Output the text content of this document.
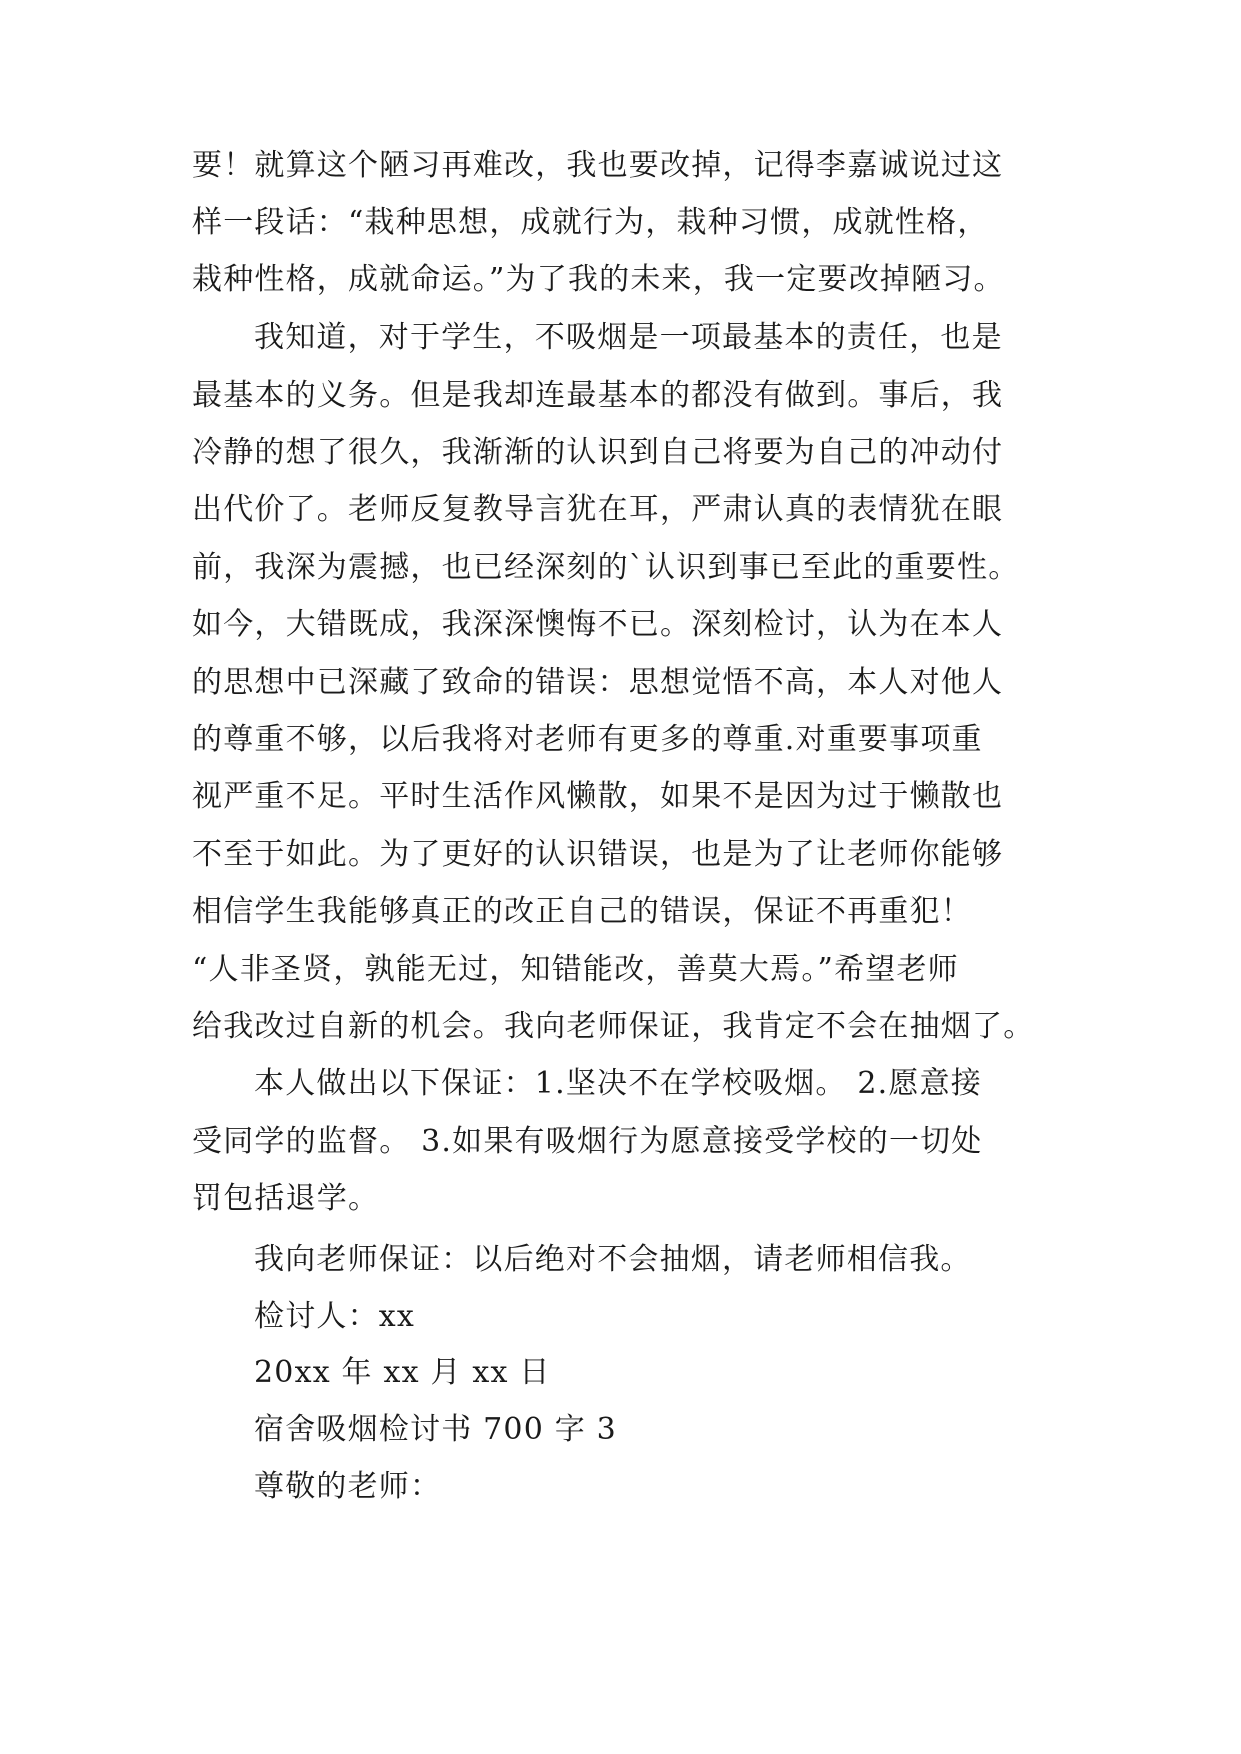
要！就算这个陋习再难改，我也要改掉，记得李嘉诚说过这
样一段话：“栽种思想，成就行为，栽种习惯，成就性格，
栽种性格，成就命运。”为了我的未来，我一定要改掉陋习。
我知道，对于学生，不吸烟是一项最基本的责任，也是
最基本的义务。但是我却连最基本的都没有做到。事后，我
冷静的想了很久，我渐渐的认识到自己将要为自己的冲动付
出代价了。老师反复教导言犹在耳，严肃认真的表情犹在眼
前，我深为震撼，也已经深刻的`认识到事已至此的重要性。
如今，大错既成，我深深懊悔不已。深刻检讨，认为在本人
的思想中已深藏了致命的错误：思想觉悟不高，本人对他人
的尊重不够，以后我将对老师有更多的尊重.对重要事项重
视严重不足。平时生活作风懒散，如果不是因为过于懒散也
不至于如此。为了更好的认识错误，也是为了让老师你能够
相信学生我能够真正的改正自己的错误，保证不再重犯！
“人非圣贤，孰能无过，知错能改，善莫大焉。”希望老师
给我改过自新的机会。我向老师保证，我肯定不会在抽烟了。
本人做出以下保证：1.坚决不在学校吸烟。 2.愿意接
受同学的监督。 3.如果有吸烟行为愿意接受学校的一切处
罚包括退学。
我向老师保证：以后绝对不会抽烟，请老师相信我。
检讨人：xx
20xx 年 xx 月 xx 日
宿舍吸烟检讨书 700 字 3
尊敬的老师：
